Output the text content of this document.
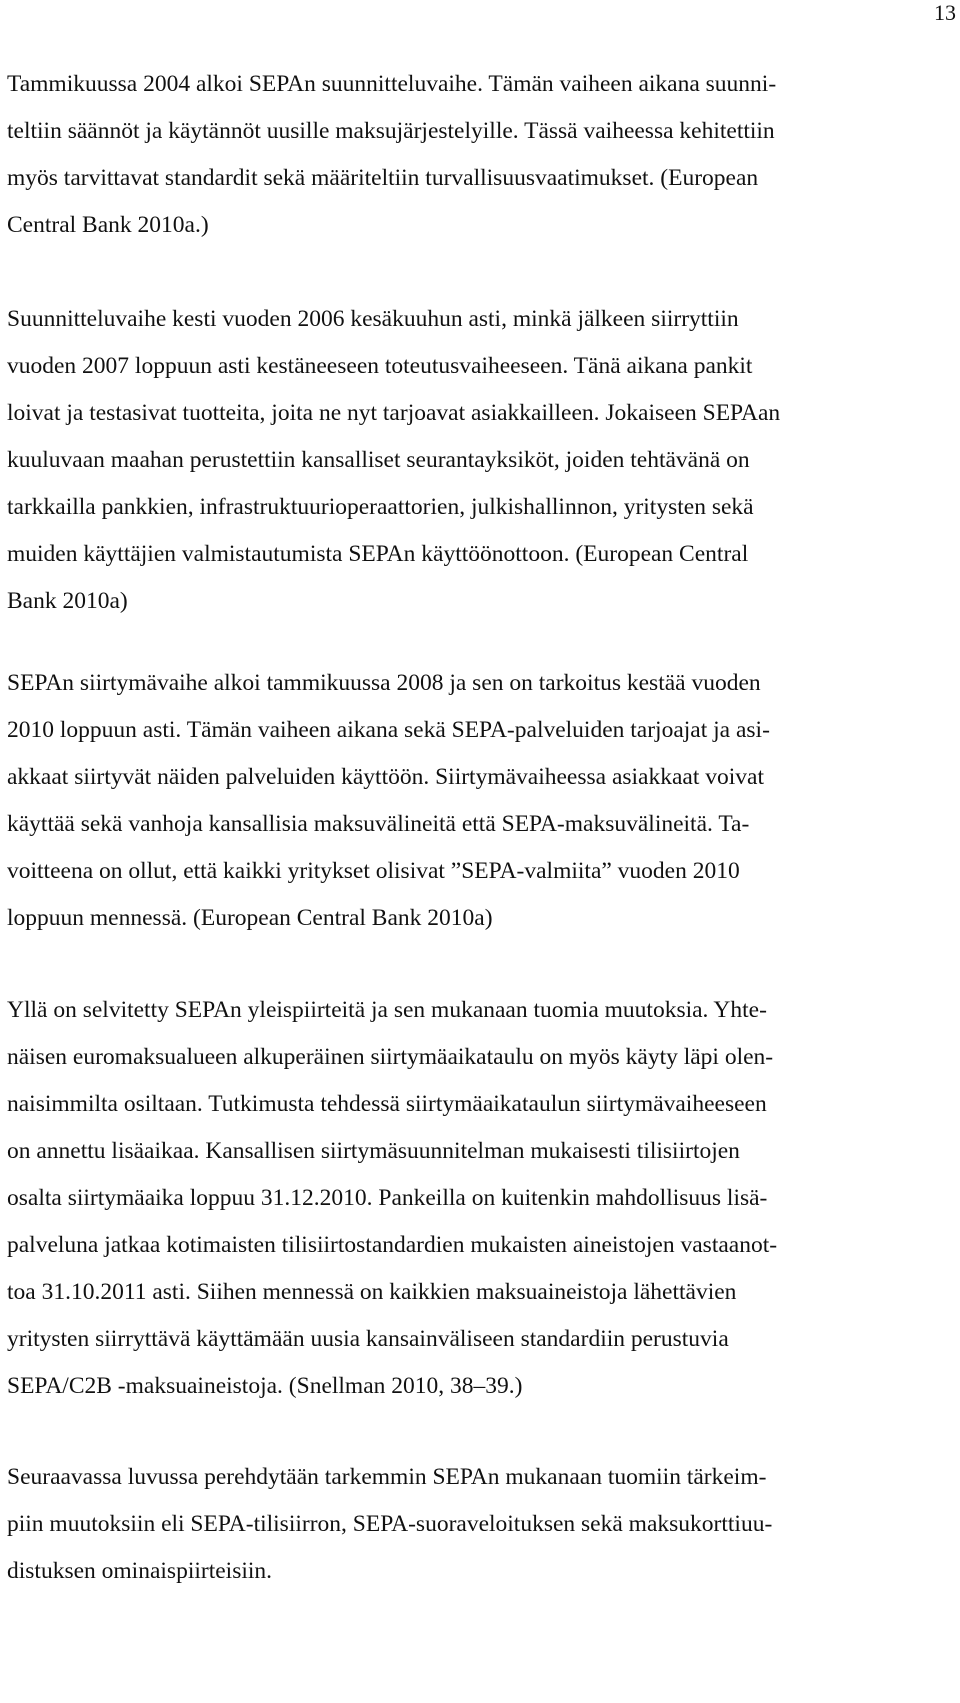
13
Tammikuussa 2004 alkoi SEPAn suunnitteluvaihe. Tämän vaiheen aikana suunni-
teltiin säännöt ja käytännöt uusille maksujärjestelyille. Tässä vaiheessa kehitettiin
myös tarvittavat standardit sekä määriteltiin turvallisuusvaatimukset. (European
Central Bank 2010a.)
Suunnitteluvaihe kesti vuoden 2006 kesäkuuhun asti, minkä jälkeen siirryttiin
vuoden 2007 loppuun asti kestäneeseen toteutusvaiheeseen. Tänä aikana pankit
loivat ja testasivat tuotteita, joita ne nyt tarjoavat asiakkailleen. Jokaiseen SEPAan
kuuluvaan maahan perustettiin kansalliset seurantayksiköt, joiden tehtävänä on
tarkkailla pankkien, infrastruktuurioperaattorien, julkishallinnon, yritysten sekä
muiden käyttäjien valmistautumista SEPAn käyttöönottoon. (European Central
Bank 2010a)
SEPAn siirtymävaihe alkoi tammikuussa 2008 ja sen on tarkoitus kestää vuoden
2010 loppuun asti. Tämän vaiheen aikana sekä SEPA-palveluiden tarjoajat ja asi-
akkaat siirtyvät näiden palveluiden käyttöön. Siirtymävaiheessa asiakkaat voivat
käyttää sekä vanhoja kansallisia maksuvälineitä että SEPA-maksuvälineitä. Ta-
voitteena on ollut, että kaikki yritykset olisivat ”SEPA-valmiita” vuoden 2010
loppuun mennessä. (European Central Bank 2010a)
Yllä on selvitetty SEPAn yleispiirteitä ja sen mukanaan tuomia muutoksia. Yhte-
näisen euromaksualueen alkuperäinen siirtymäaikataulu on myös käyty läpi olen-
naisimmilta osiltaan. Tutkimusta tehdessä siirtymäaikataulun siirtymävaiheeseen
on annettu lisäaikaa. Kansallisen siirtymäsuunnitelman mukaisesti tilisiirtojen
osalta siirtymäaika loppuu 31.12.2010. Pankeilla on kuitenkin mahdollisuus lisä-
palveluna jatkaa kotimaisten tilisiirtostandardien mukaisten aineistojen vastaanot-
toa 31.10.2011 asti. Siihen mennessä on kaikkien maksuaineistoja lähettävien
yritysten siirryttävä käyttämään uusia kansainväliseen standardiin perustuvia
SEPA/C2B -maksuaineistoja. (Snellman 2010, 38–39.)
Seuraavassa luvussa perehdytään tarkemmin SEPAn mukanaan tuomiin tärkeim-
piin muutoksiin eli SEPA-tilisiirron, SEPA-suoraveloituksen sekä maksukorttiuu-
distuksen ominaispiirteisiin.
